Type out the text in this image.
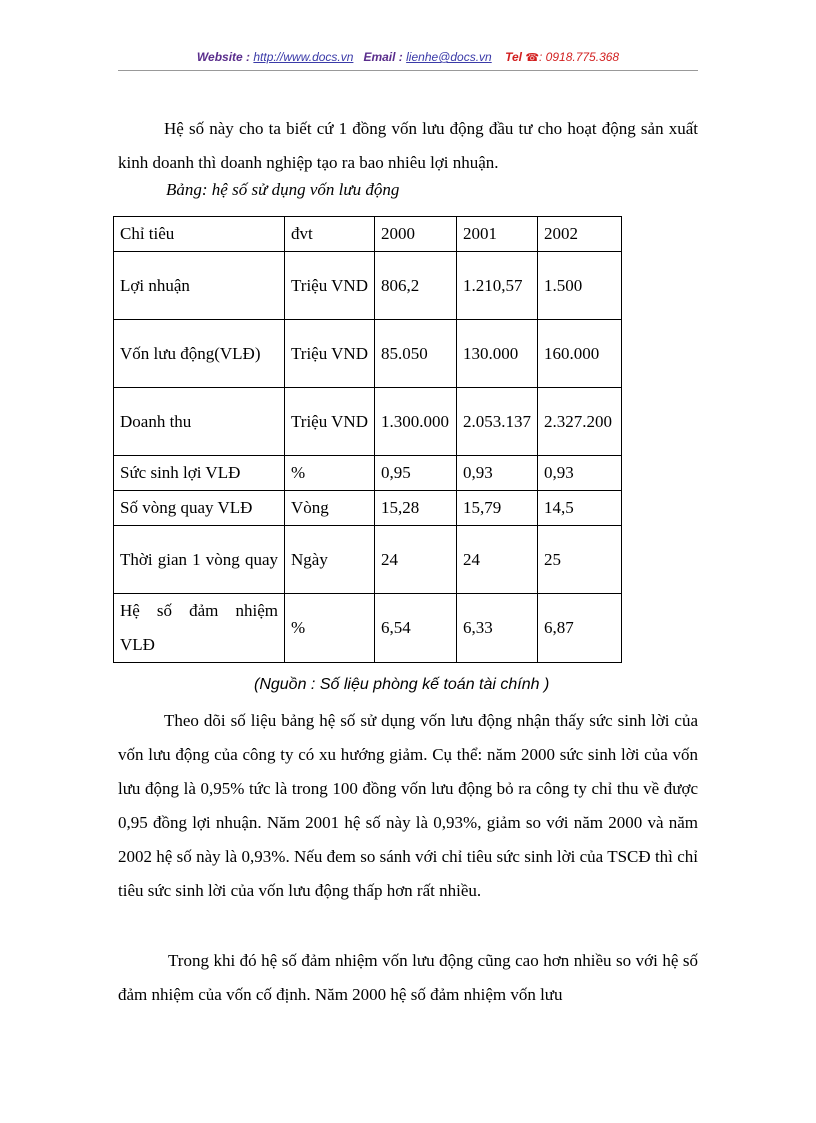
Website : http://www.docs.vn Email : lienhe@docs.vn Tel ☎: 0918.775.368

Hệ số này cho ta biết cứ 1 đồng vốn lưu động đầu tư cho hoạt động sản xuất kinh doanh thì doanh nghiệp tạo ra bao nhiêu lợi nhuận.

Bảng: hệ số sử dụng vốn lưu động
Chỉ tiêu	đvt	2000	2001	2002
Lợi nhuận	Triệu VND	806,2	1.210,57	1.500
Vốn lưu động(VLĐ)	Triệu VND	85.050	130.000	160.000
Doanh thu	Triệu VND	1.300.000	2.053.137	2.327.200
Sức sinh lợi VLĐ	%	0,95	0,93	0,93
Số vòng quay VLĐ	Vòng	15,28	15,79	14,5
Thời gian 1 vòng quay	Ngày	24	24	25
Hệ số đảm nhiệm VLĐ	%	6,54	6,33	6,87
(Nguồn : Số liệu phòng kế toán tài chính )

Theo dõi số liệu bảng hệ số sử dụng vốn lưu động nhận thấy sức sinh lời của vốn lưu động của công ty có xu hướng giảm. Cụ thể: năm 2000 sức sinh lời của vốn lưu động là 0,95% tức là trong 100 đồng vốn lưu động bỏ ra công ty chỉ thu về được 0,95 đồng lợi nhuận. Năm 2001 hệ số này là 0,93%, giảm so với năm 2000 và năm 2002 hệ số này là 0,93%. Nếu đem so sánh với chỉ tiêu sức sinh lời của TSCĐ thì chỉ tiêu sức sinh lời của vốn lưu động thấp hơn rất nhiều.

Trong khi đó hệ số đảm nhiệm vốn lưu động cũng cao hơn nhiều so với hệ số đảm nhiệm của vốn cố định. Năm 2000 hệ số đảm nhiệm vốn lưu
